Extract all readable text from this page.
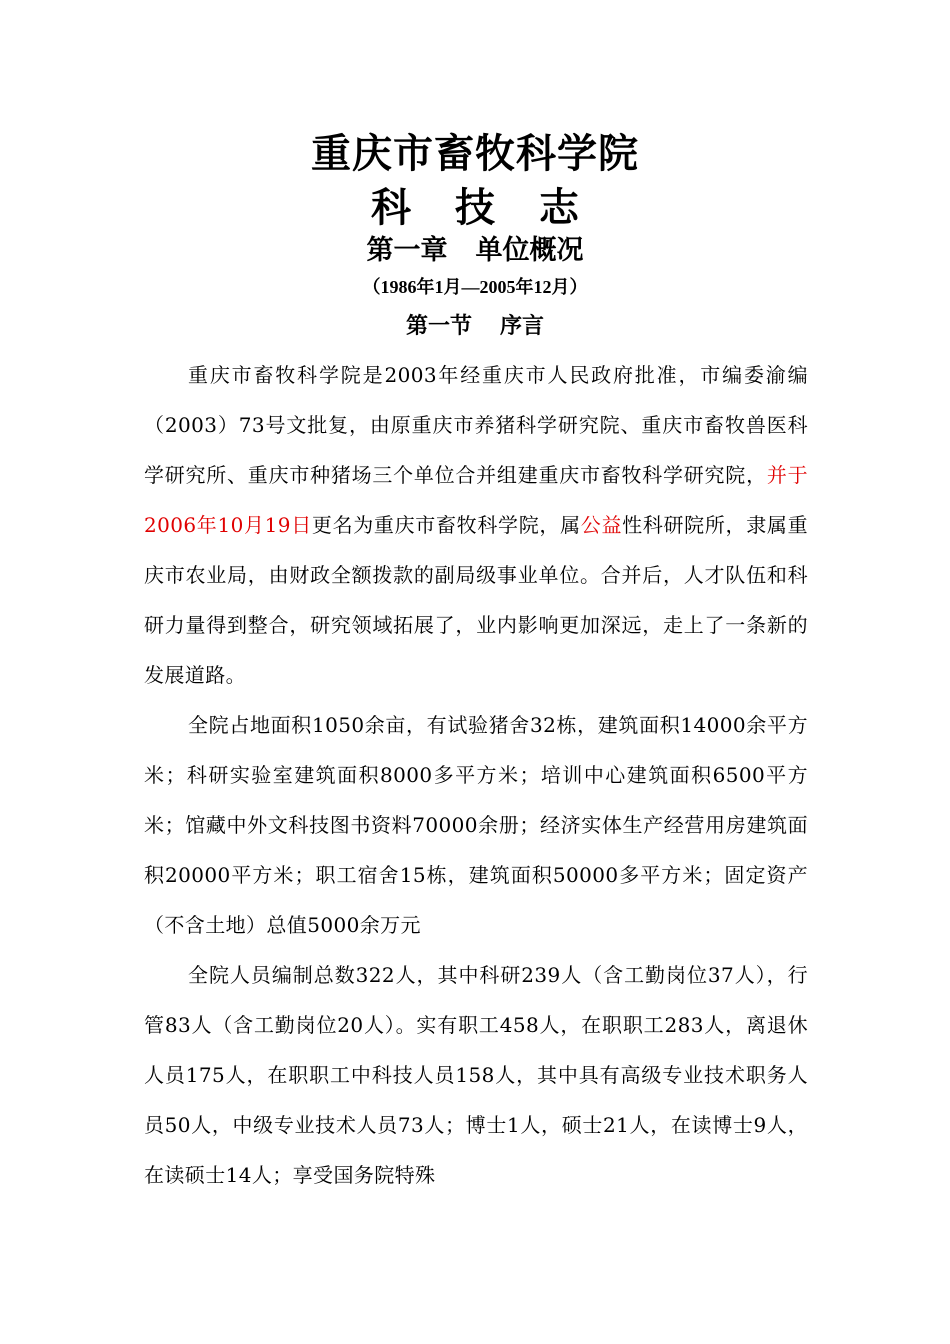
重庆市畜牧科学院
科技志
第一章 单位概况
（1986年1月—2005年12月）
第一节 序言

重庆市畜牧科学院是2003年经重庆市人民政府批准，市编委渝编（2003）73号文批复，由原重庆市养猪科学研究院、重庆市畜牧兽医科学研究所、重庆市种猪场三个单位合并组建重庆市畜牧科学研究院，并于2006年10月19日更名为重庆市畜牧科学院，属公益性科研院所，隶属重庆市农业局，由财政全额拨款的副局级事业单位。合并后，人才队伍和科研力量得到整合，研究领域拓展了，业内影响更加深远，走上了一条新的发展道路。

全院占地面积1050余亩，有试验猪舍32栋，建筑面积14000余平方米；科研实验室建筑面积8000多平方米；培训中心建筑面积6500平方米；馆藏中外文科技图书资料70000余册；经济实体生产经营用房建筑面积20000平方米；职工宿舍15栋，建筑面积50000多平方米；固定资产（不含土地）总值5000余万元

全院人员编制总数322人，其中科研239人（含工勤岗位37人），行管83人（含工勤岗位20人）。实有职工458人，在职职工283人，离退休人员175人，在职职工中科技人员158人，其中具有高级专业技术职务人员50人，中级专业技术人员73人；博士1人，硕士21人，在读博士9人，在读硕士14人；享受国务院特殊
